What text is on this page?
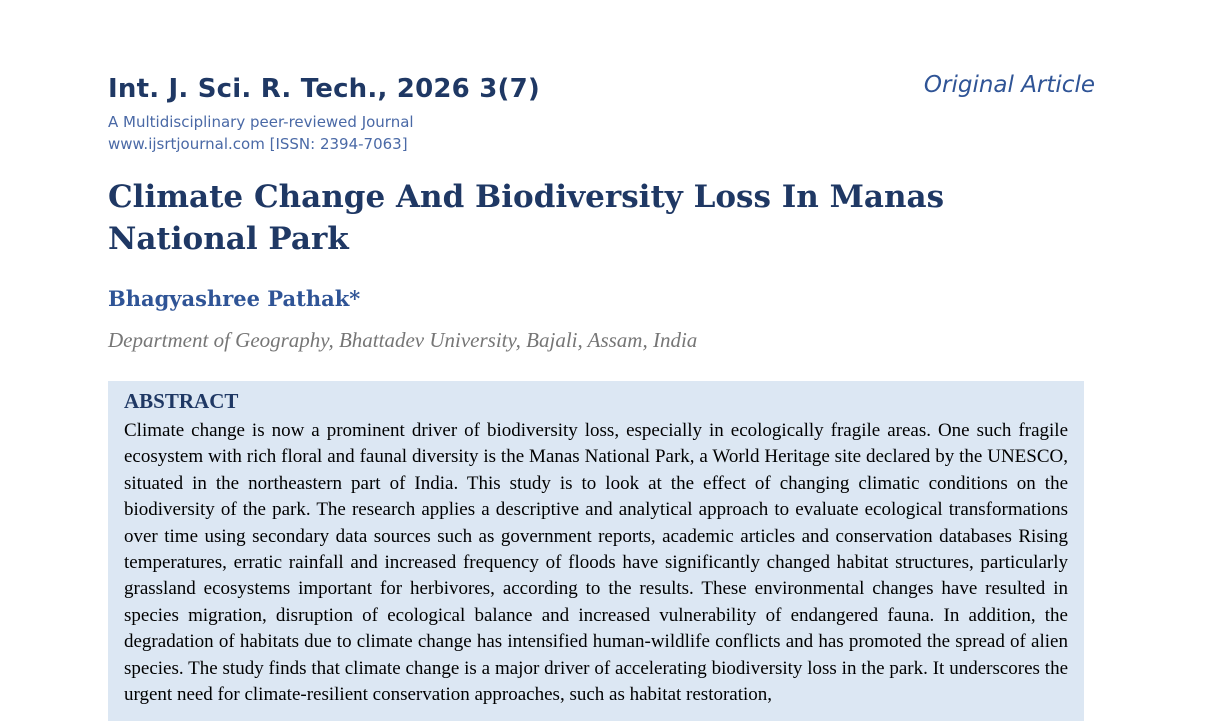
Int. J. Sci. R. Tech., 2026 3(7)
A Multidisciplinary peer-reviewed Journal
www.ijsrtjournal.com [ISSN: 2394-7063]
Original Article
Climate Change And Biodiversity Loss In Manas National Park
Bhagyashree Pathak*
Department of Geography, Bhattadev University, Bajali, Assam, India
ABSTRACT

Climate change is now a prominent driver of biodiversity loss, especially in ecologically fragile areas. One such fragile ecosystem with rich floral and faunal diversity is the Manas National Park, a World Heritage site declared by the UNESCO, situated in the northeastern part of India. This study is to look at the effect of changing climatic conditions on the biodiversity of the park. The research applies a descriptive and analytical approach to evaluate ecological transformations over time using secondary data sources such as government reports, academic articles and conservation databases Rising temperatures, erratic rainfall and increased frequency of floods have significantly changed habitat structures, particularly grassland ecosystems important for herbivores, according to the results. These environmental changes have resulted in species migration, disruption of ecological balance and increased vulnerability of endangered fauna. In addition, the degradation of habitats due to climate change has intensified human-wildlife conflicts and has promoted the spread of alien species. The study finds that climate change is a major driver of accelerating biodiversity loss in the park. It underscores the urgent need for climate-resilient conservation approaches, such as habitat restoration,
